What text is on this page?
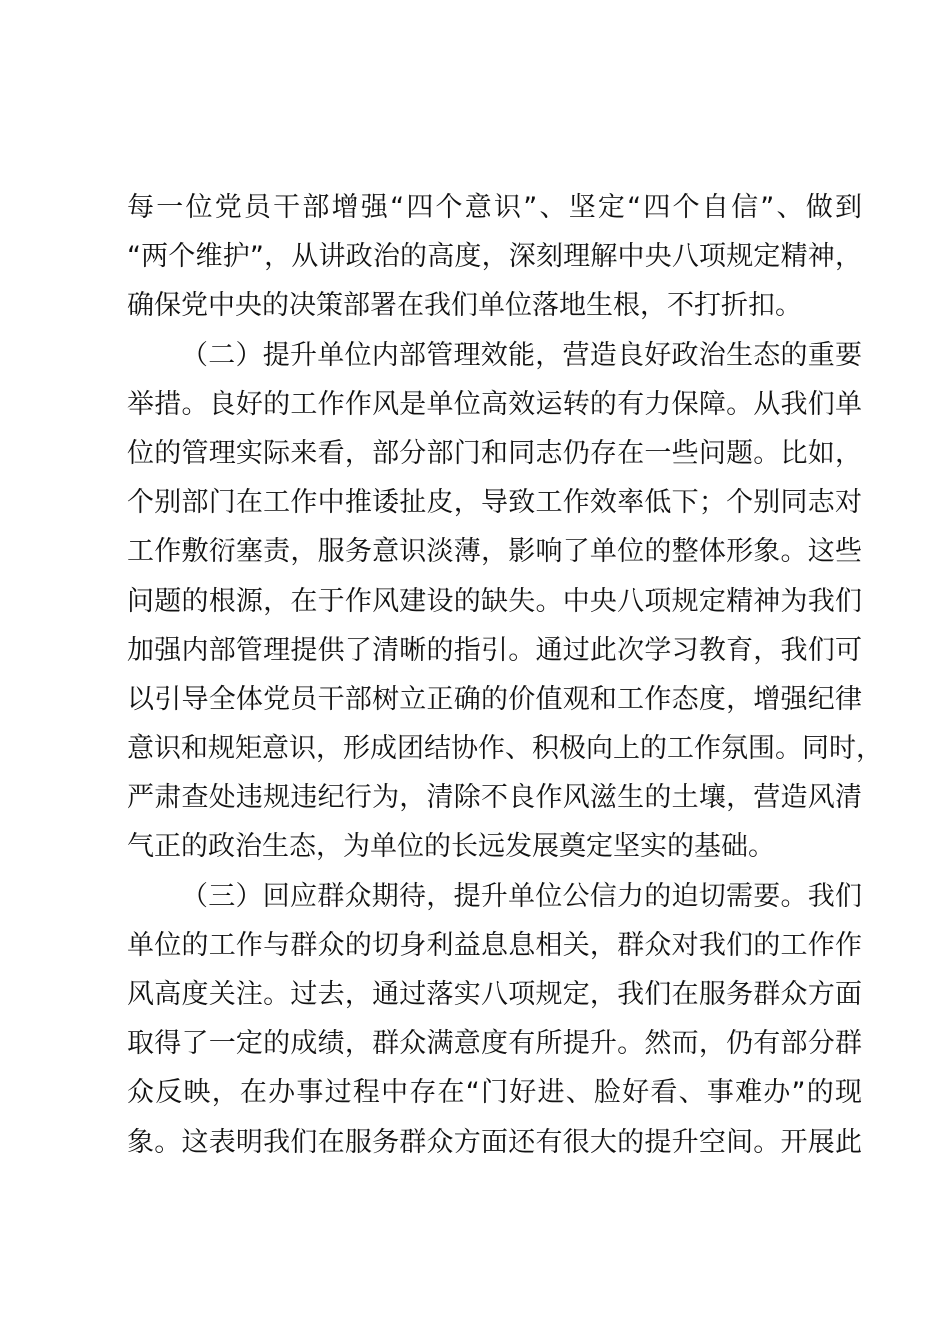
每一位党员干部增强“四个意识”、坚定“四个自信”、做到
“两个维护”，从讲政治的高度，深刻理解中央八项规定精神，
确保党中央的决策部署在我们单位落地生根，不打折扣。
（二）提升单位内部管理效能，营造良好政治生态的重要
举措。良好的工作作风是单位高效运转的有力保障。从我们单
位的管理实际来看，部分部门和同志仍存在一些问题。比如，
个别部门在工作中推诿扯皮，导致工作效率低下；个别同志对
工作敷衍塞责，服务意识淡薄，影响了单位的整体形象。这些
问题的根源，在于作风建设的缺失。中央八项规定精神为我们
加强内部管理提供了清晰的指引。通过此次学习教育，我们可
以引导全体党员干部树立正确的价值观和工作态度，增强纪律
意识和规矩意识，形成团结协作、积极向上的工作氛围。同时，
严肃查处违规违纪行为，清除不良作风滋生的土壤，营造风清
气正的政治生态，为单位的长远发展奠定坚实的基础。
（三）回应群众期待，提升单位公信力的迫切需要。我们
单位的工作与群众的切身利益息息相关，群众对我们的工作作
风高度关注。过去，通过落实八项规定，我们在服务群众方面
取得了一定的成绩，群众满意度有所提升。然而，仍有部分群
众反映，在办事过程中存在“门好进、脸好看、事难办”的现
象。这表明我们在服务群众方面还有很大的提升空间。开展此
